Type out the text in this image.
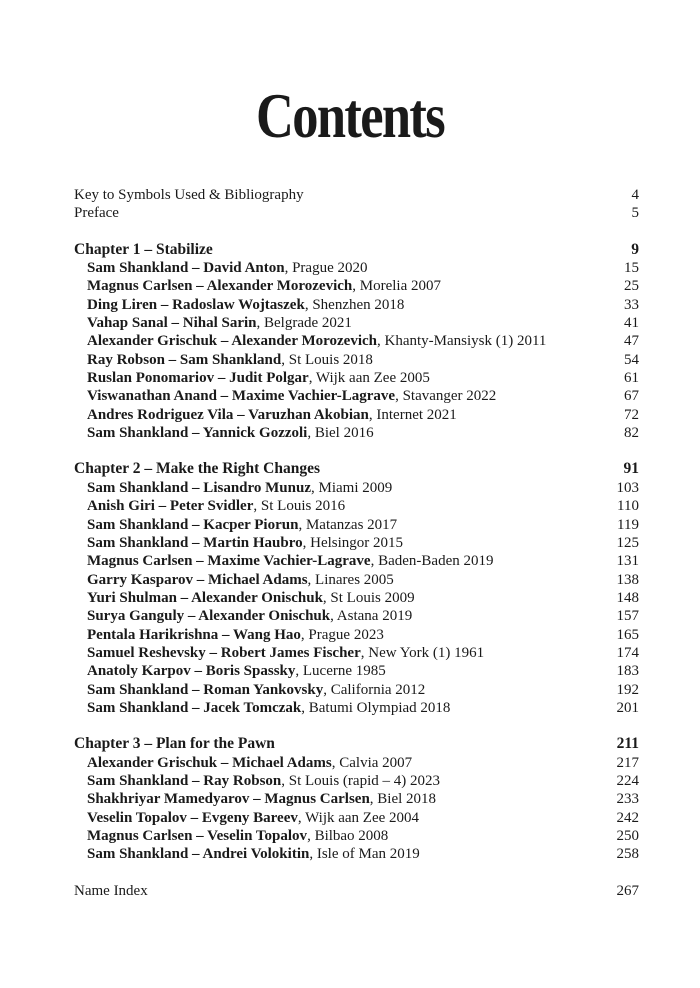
Contents
Key to Symbols Used & Bibliography	4
Preface	5
Chapter 1 – Stabilize	9
Sam Shankland – David Anton, Prague 2020	15
Magnus Carlsen – Alexander Morozevich, Morelia 2007	25
Ding Liren – Radoslaw Wojtaszek, Shenzhen 2018	33
Vahap Sanal – Nihal Sarin, Belgrade 2021	41
Alexander Grischuk – Alexander Morozevich, Khanty-Mansiysk (1) 2011	47
Ray Robson – Sam Shankland, St Louis 2018	54
Ruslan Ponomariov – Judit Polgar, Wijk aan Zee 2005	61
Viswanathan Anand – Maxime Vachier-Lagrave, Stavanger 2022	67
Andres Rodriguez Vila – Varuzhan Akobian, Internet 2021	72
Sam Shankland – Yannick Gozzoli, Biel 2016	82
Chapter 2 – Make the Right Changes	91
Sam Shankland – Lisandro Munuz, Miami 2009	103
Anish Giri – Peter Svidler, St Louis 2016	110
Sam Shankland – Kacper Piorun, Matanzas 2017	119
Sam Shankland – Martin Haubro, Helsingor 2015	125
Magnus Carlsen – Maxime Vachier-Lagrave, Baden-Baden 2019	131
Garry Kasparov – Michael Adams, Linares 2005	138
Yuri Shulman – Alexander Onischuk, St Louis 2009	148
Surya Ganguly – Alexander Onischuk, Astana 2019	157
Pentala Harikrishna – Wang Hao, Prague 2023	165
Samuel Reshevsky – Robert James Fischer, New York (1) 1961	174
Anatoly Karpov – Boris Spassky, Lucerne 1985	183
Sam Shankland – Roman Yankovsky, California 2012	192
Sam Shankland – Jacek Tomczak, Batumi Olympiad 2018	201
Chapter 3 – Plan for the Pawn	211
Alexander Grischuk – Michael Adams, Calvia 2007	217
Sam Shankland – Ray Robson, St Louis (rapid – 4) 2023	224
Shakhriyar Mamedyarov – Magnus Carlsen, Biel 2018	233
Veselin Topalov – Evgeny Bareev, Wijk aan Zee 2004	242
Magnus Carlsen – Veselin Topalov, Bilbao 2008	250
Sam Shankland – Andrei Volokitin, Isle of Man 2019	258
Name Index	267
